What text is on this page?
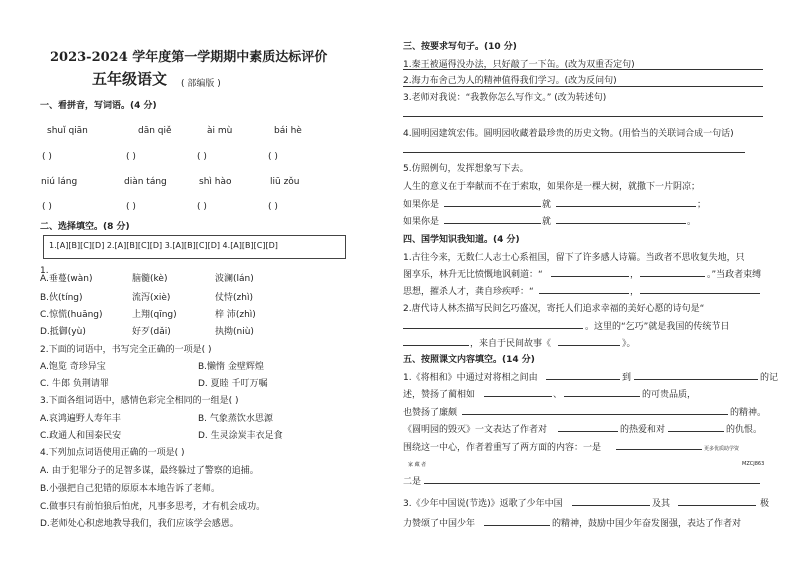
2023-2024 学年度第一学期期中素质达标评价
五年级语文 ( 部编版 )
一、看拼音，写词语。(4 分)
shuǐ qiān	dān qiě	ài mù	bái hè
( )	( )	( )	( )
niú láng	diàn táng	shì hào	liū zǒu
( )	( )	( )	( )
二、选择填空。(8 分)
1.[A][B][C][D] 2.[A][B][C][D] 3.[A][B][C][D] 4.[A][B][C][D]
1.
A.垂蔓(wàn)	脑髓(kè)	波澜(lán)
B.伙(tíng)	流泻(xiè)	仗恃(zhì)
C.惊慌(huāng)	上翔(qīng)	梓 沛(zhì)
D.抵御(yù)	好歹(dǎi)	执拗(niù)
2.下面的词语中，书写完全正确的一项是( )
A.饱览 奇珍异宝	B.懒惰 金壁辉煌
C. 牛郎 负荆请罪	D. 夏睦 千叮万嘱
3.下面各组词语中，感情色彩完全相同的一组是( )
A.哀鸿遍野人寿年丰	B. 气象蒸饮水思源
C.政通人和国泰民安	D. 生灵涂炭丰衣足食
4.下列加点词语使用正确的一项是( )
A. 由于犯罪分子的足智多谋，最终躲过了警察的追捕。
B.小强把自己犯错的原原本本地告诉了老师。
C.做事只有前怕狼后怕虎，凡事多思考，才有机会成功。
D.老师处心积虑地教导我们，我们应该学会感恩。
三、按要求写句子。(10 分)
1.秦王被逼得没办法，只好敲了一下缶。(改为双重否定句)
2.海力布舍己为人的精神值得我们学习。(改为反问句)
3.老师对我说：“我教你怎么写作文。” (改为转述句)
4.圆明园建筑宏伟。圆明园收藏着最珍贵的历史文物。(用恰当的关联词合成一句话)
5.仿照例句，发挥想象写下去。
人生的意义在于奉献而不在于索取，如果你是一棵大树，就撒下一片阴凉；
如果你是	就	；
如果你是	就	。
四、国学知识我知道。(4 分)
1.古往今来，无数仁人志士心系祖国，留下了许多感人诗篇。当政者不思收复失地，只
图享乐，林升无比愤慨地讽刺道：“	，	。”当政者束缚
思想，摧杀人才，龚自珍疾呼：“	，
2.唐代诗人林杰描写民间乞巧盛况，寄托人们追求幸福的美好心愿的诗句是“
。这里的“乞巧”就是我国的传统节日
，来自于民间故事《	》。
五、按照课文内容填空。(14 分)
1.《将相和》中通过对将相之间由	到	的记
述，赞扬了蔺相如	、	的可贵品质，
也赞扬了廉颇	的精神。
《圆明园的毁灭》一文表达了作者对	的热爱和对	的仇恨。
围绕这一中心，作者着重写了两方面的内容：一是	更多优质助学资
家 藏 者	MZCJ863
二是
3.《少年中国说(节选)》返歌了少年中国	及其	极
力赞颂了中国少年	的精神，鼓励中国少年奋发图强，表达了作者对
